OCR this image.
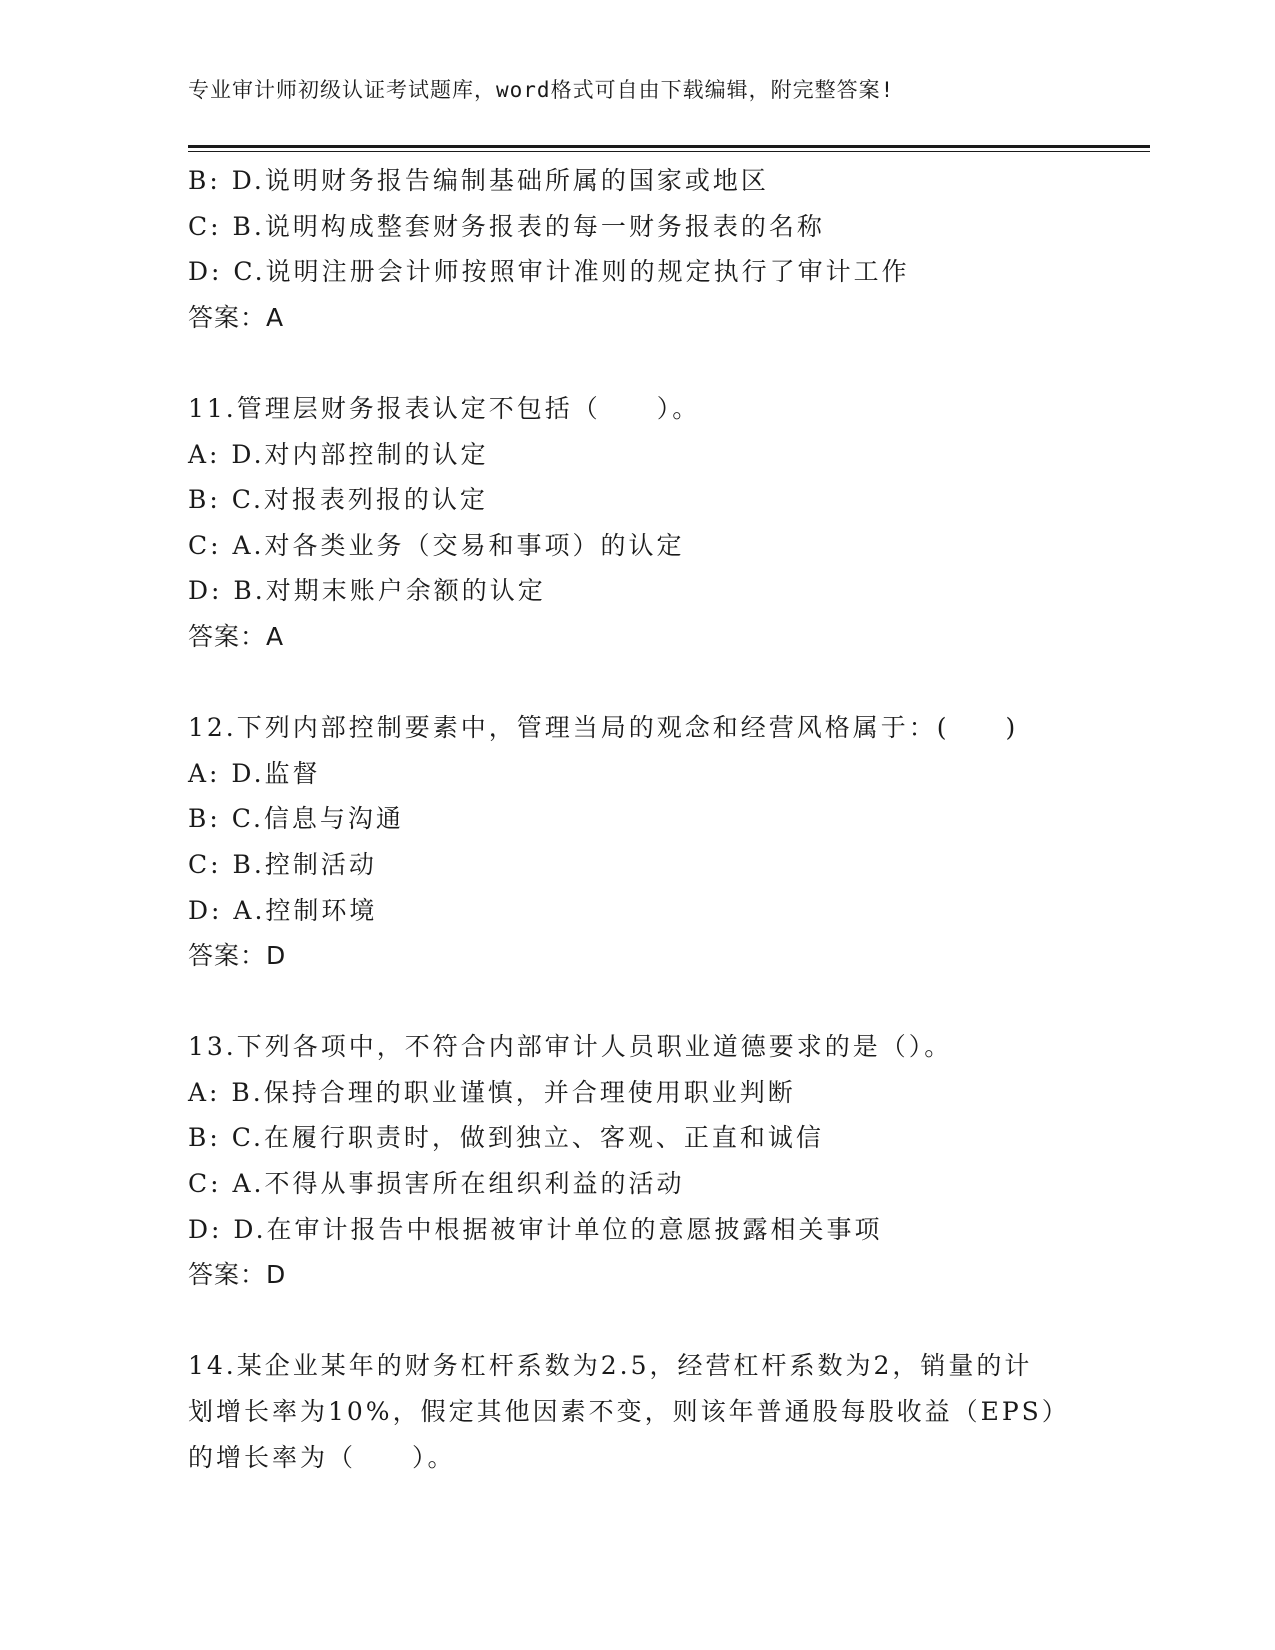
专业审计师初级认证考试题库，word格式可自由下载编辑，附完整答案!
B: D.说明财务报告编制基础所属的国家或地区
C: B.说明构成整套财务报表的每一财务报表的名称
D: C.说明注册会计师按照审计准则的规定执行了审计工作
答案：A
11.管理层财务报表认定不包括（　　）。
A: D.对内部控制的认定
B: C.对报表列报的认定
C: A.对各类业务（交易和事项）的认定
D: B.对期末账户余额的认定
答案：A
12.下列内部控制要素中，管理当局的观念和经营风格属于：(　　)
A: D.监督
B: C.信息与沟通
C: B.控制活动
D: A.控制环境
答案：D
13.下列各项中，不符合内部审计人员职业道德要求的是（）。
A: B.保持合理的职业谨慎，并合理使用职业判断
B: C.在履行职责时，做到独立、客观、正直和诚信
C: A.不得从事损害所在组织利益的活动
D: D.在审计报告中根据被审计单位的意愿披露相关事项
答案：D
14.某企业某年的财务杠杆系数为2.5，经营杠杆系数为2，销量的计
划增长率为10%，假定其他因素不变，则该年普通股每股收益（EPS）
的增长率为（　　）。
